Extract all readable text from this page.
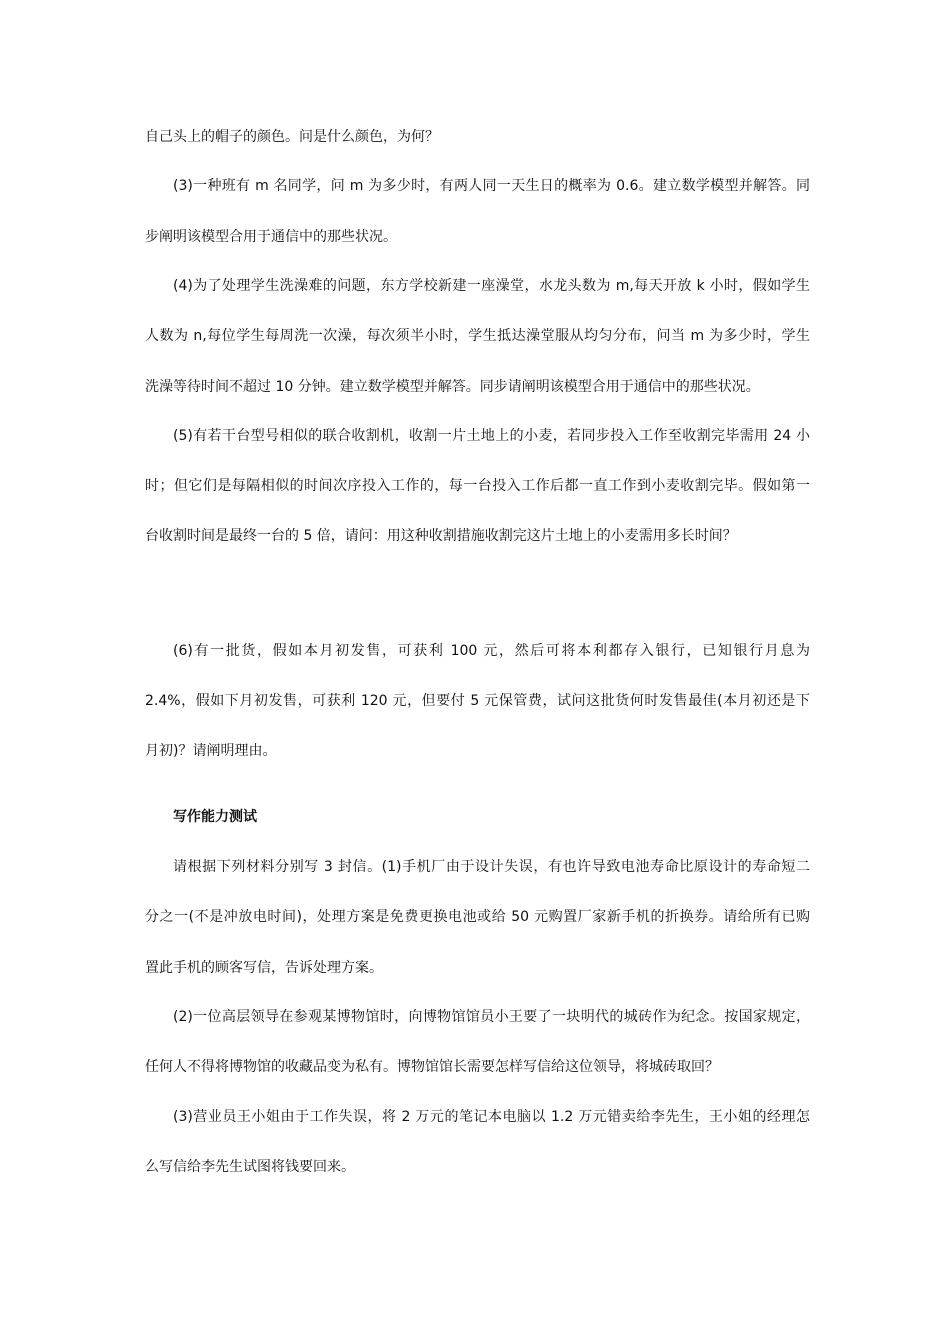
自己头上的帽子的颜色。问是什么颜色，为何？
(3)一种班有 m 名同学，问 m 为多少时，有两人同一天生日的概率为 0.6。建立数学模型并解答。同
步阐明该模型合用于通信中的那些状况。
(4)为了处理学生洗澡难的问题，东方学校新建一座澡堂，水龙头数为 m,每天开放 k 小时，假如学生
人数为 n,每位学生每周洗一次澡，每次须半小时，学生抵达澡堂服从均匀分布，问当 m 为多少时，学生
洗澡等待时间不超过 10 分钟。建立数学模型并解答。同步请阐明该模型合用于通信中的那些状况。
(5)有若干台型号相似的联合收割机，收割一片土地上的小麦，若同步投入工作至收割完毕需用 24 小
时；但它们是每隔相似的时间次序投入工作的，每一台投入工作后都一直工作到小麦收割完毕。假如第一
台收割时间是最终一台的 5 倍，请问：用这种收割措施收割完这片土地上的小麦需用多长时间？
(6)有一批货，假如本月初发售，可获利 100 元，然后可将本利都存入银行，已知银行月息为
2.4%，假如下月初发售，可获利 120 元，但要付 5 元保管费，试问这批货何时发售最佳(本月初还是下
月初)？请阐明理由。
写作能力测试
请根据下列材料分别写 3 封信。(1)手机厂由于设计失误，有也许导致电池寿命比原设计的寿命短二
分之一(不是冲放电时间)，处理方案是免费更换电池或给 50 元购置厂家新手机的折换券。请给所有已购
置此手机的顾客写信，告诉处理方案。
(2)一位高层领导在参观某博物馆时，向博物馆馆员小王要了一块明代的城砖作为纪念。按国家规定，
任何人不得将博物馆的收藏品变为私有。博物馆馆长需要怎样写信给这位领导，将城砖取回？
(3)营业员王小姐由于工作失误，将 2 万元的笔记本电脑以 1.2 万元错卖给李先生，王小姐的经理怎
么写信给李先生试图将钱要回来。
